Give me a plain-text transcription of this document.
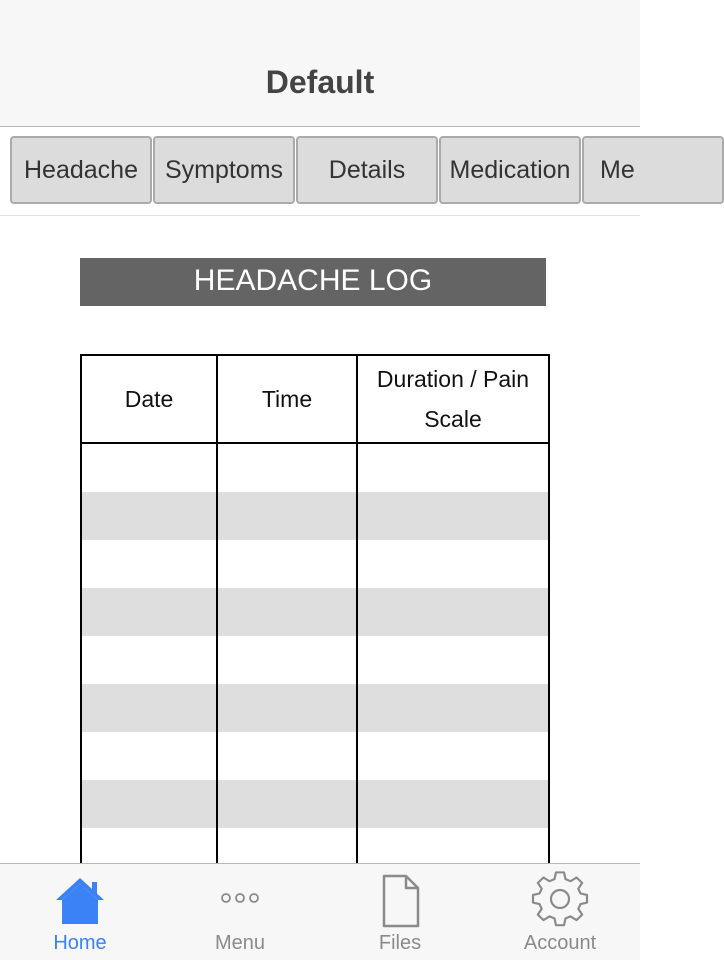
Default
Headache	Symptoms	Details	Medication	Me
HEADACHE LOG
Date	Time	Duration / Pain Scale

Home	Menu	Files	Account
